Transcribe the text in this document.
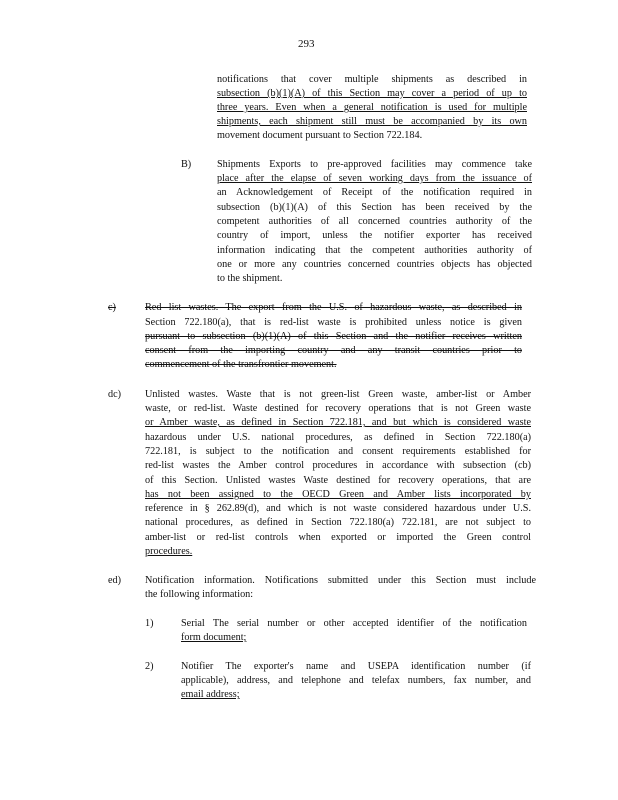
293
notifications that cover multiple shipments as described in
subsection (b)(1)(A) of this Section may cover a period of up to
three years. Even when a general notification is used for multiple
shipments, each shipment still must be accompanied by its own
movement document pursuant to Section 722.184.
B)	Shipments Exports to pre-approved facilities may commence take
place after the elapse of seven working days from the issuance of
an Acknowledgement of Receipt of the notification required in
subsection (b)(1)(A) of this Section has been received by the
competent authorities of all concerned countries authority of the
country of import, unless the notifier exporter has received
information indicating that the competent authorities authority of
one or more any countries concerned countries objects has objected
to the shipment.
c)	Red list wastes. The export from the U.S. of hazardous waste, as described in
Section 722.180(a), that is red-list waste is prohibited unless notice is given
pursuant to subsection (b)(1)(A) of this Section and the notifier receives written
consent from the importing country and any transit countries prior to
commencement of the transfrontier movement.
dc) Unlisted wastes. Waste that is not green-list Green waste, amber-list or Amber
waste, or red-list. Waste destined for recovery operations that is not Green waste
or Amber waste, as defined in Section 722.181, and but which is considered waste
hazardous under U.S. national procedures, as defined in Section 722.180(a)
722.181, is subject to the notification and consent requirements established for
red-list wastes the Amber control procedures in accordance with subsection (cb)
of this Section. Unlisted wastes Waste destined for recovery operations, that are
has not been assigned to the OECD Green and Amber lists incorporated by
reference in § 262.89(d), and which is not waste considered hazardous under U.S.
national procedures, as defined in Section 722.180(a) 722.181, are not subject to
amber-list or red-list controls when exported or imported the Green control
procedures.
ed) Notification information. Notifications submitted under this Section must include
the following information:
1)	Serial The serial number or other accepted identifier of the notification
form document;
2)	Notifier The exporter's name and USEPA identification number (if
applicable), address, and telephone and telefax numbers, fax number, and
email address;
